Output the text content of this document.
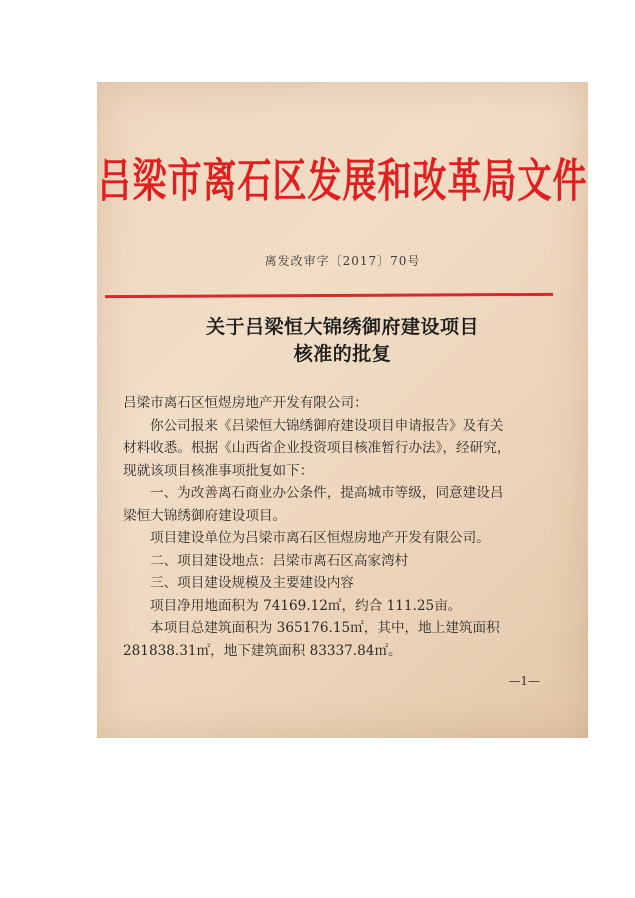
吕梁市离石区发展和改革局文件
离发改审字〔2017〕70号
关于吕梁恒大锦绣御府建设项目
核准的批复

吕梁市离石区恒煜房地产开发有限公司：

你公司报来《吕梁恒大锦绣御府建设项目申请报告》及有关

材料收悉。根据《山西省企业投资项目核准暂行办法》，经研究，

现就该项目核准事项批复如下：

一、为改善离石商业办公条件，提高城市等级，同意建设吕

梁恒大锦绣御府建设项目。

项目建设单位为吕梁市离石区恒煜房地产开发有限公司。

二、项目建设地点：吕梁市离石区高家湾村

三、项目建设规模及主要建设内容

项目净用地面积为 74169.12㎡，约合 111.25亩。

本项目总建筑面积为 365176.15㎡，其中，地上建筑面积

281838.31㎡，地下建筑面积 83337.84㎡。

—1—
